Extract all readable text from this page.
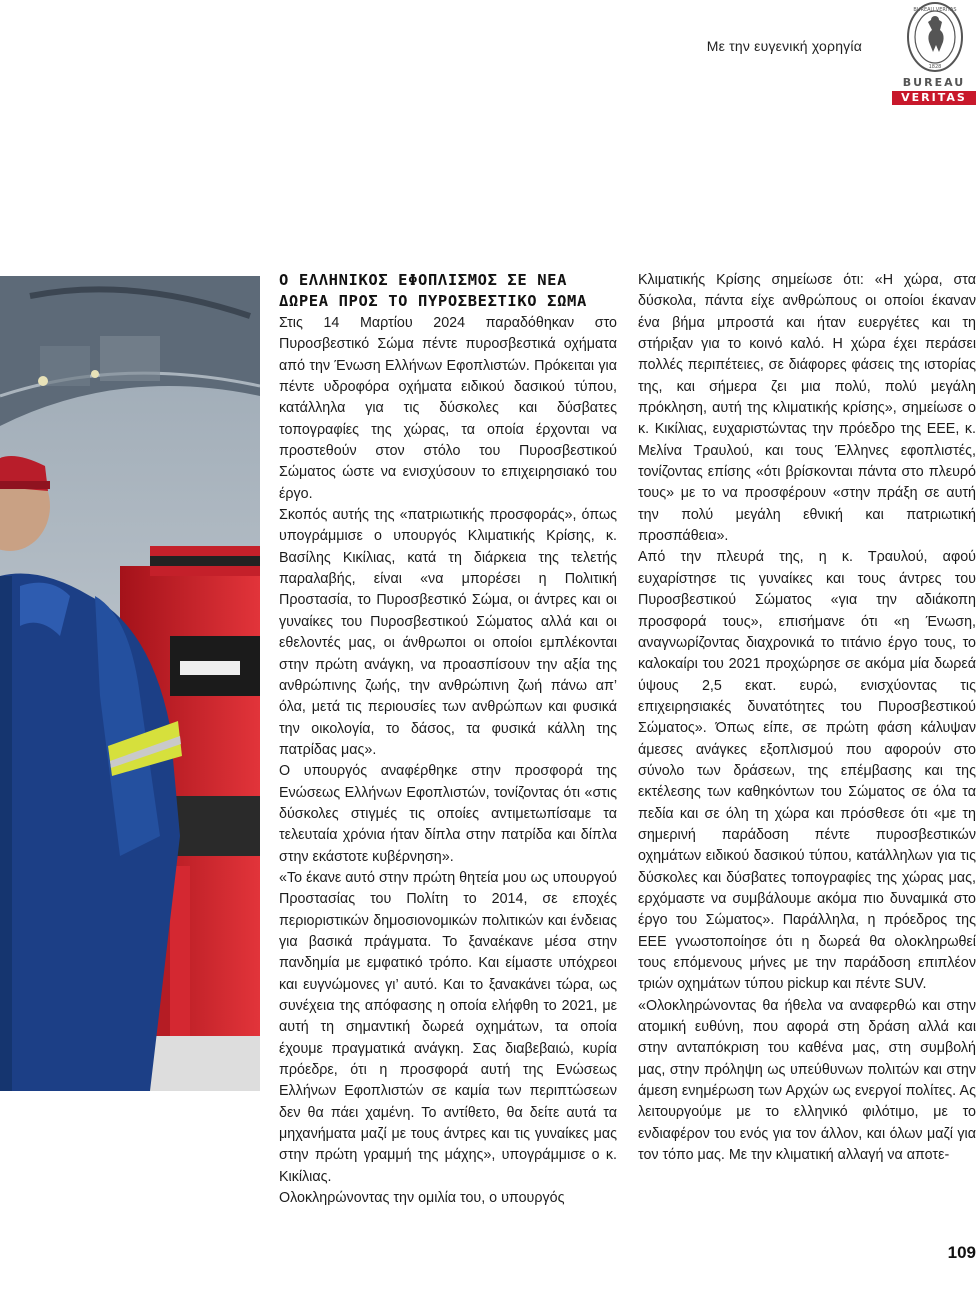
Με την ευγενική χορηγία
BUREAU VERITAS
1828
BUREAU
VERITAS
Ο ΕΛΛΗΝΙΚΟΣ ΕΦΟΠΛΙΣΜΟΣ ΣΕ ΝΕΑ ΔΩΡΕΑ ΠΡΟΣ ΤΟ ΠΥΡΟΣΒΕΣΤΙΚΟ ΣΩΜΑ

Στις 14 Μαρτίου 2024 παραδόθηκαν στο Πυροσβεστικό Σώμα πέντε πυροσβεστικά οχήματα από την Ένωση Ελλήνων Εφοπλιστών. Πρόκειται για πέντε υδροφόρα οχήματα ειδικού δασικού τύπου, κατάλληλα για τις δύσκολες και δύσβατες τοπογραφίες της χώρας, τα οποία έρχονται να προστεθούν στον στόλο του Πυροσβεστικού Σώματος ώστε να ενισχύσουν το επιχειρησιακό του έργο.

Σκοπός αυτής της «πατριωτικής προσφοράς», όπως υπογράμμισε ο υπουργός Κλιματικής Κρίσης, κ. Βασίλης Κικίλιας, κατά τη διάρκεια της τελετής παραλαβής, είναι «να μπορέσει η Πολιτική Προστασία, το Πυροσβεστικό Σώμα, οι άντρες και οι γυναίκες του Πυροσβεστικού Σώματος αλλά και οι εθελοντές μας, οι άνθρωποι οι οποίοι εμπλέκονται στην πρώτη ανάγκη, να προασπίσουν την αξία της ανθρώπινης ζωής, την ανθρώπινη ζωή πάνω απ’ όλα, μετά τις περιουσίες των ανθρώπων και φυσικά την οικολογία, το δάσος, τα φυσικά κάλλη της πατρίδας μας».

Ο υπουργός αναφέρθηκε στην προσφορά της Ενώσεως Ελλήνων Εφοπλιστών, τονίζοντας ότι «στις δύσκολες στιγμές τις οποίες αντιμετωπίσαμε τα τελευταία χρόνια ήταν δίπλα στην πατρίδα και δίπλα στην εκάστοτε κυβέρνηση».

«Το έκανε αυτό στην πρώτη θητεία μου ως υπουργού Προστασίας του Πολίτη το 2014, σε εποχές περιοριστικών δημοσιονομικών πολιτικών και ένδειας για βασικά πράγματα. Το ξαναέκανε μέσα στην πανδημία με εμφατικό τρόπο. Και είμαστε υπόχρεοι και ευγνώμονες γι’ αυτό. Και το ξανακάνει τώρα, ως συνέχεια της απόφασης η οποία ελήφθη το 2021, με αυτή τη σημαντική δωρεά οχημάτων, τα οποία έχουμε πραγματικά ανάγκη. Σας διαβεβαιώ, κυρία πρόεδρε, ότι η προσφορά αυτή της Ενώσεως Ελλήνων Εφοπλιστών σε καμία των περιπτώσεων δεν θα πάει χαμένη. Το αντίθετο, θα δείτε αυτά τα μηχανήματα μαζί με τους άντρες και τις γυναίκες μας στην πρώτη γραμμή της μάχης», υπογράμμισε ο κ. Κικίλιας.

Ολοκληρώνοντας την ομιλία του, ο υπουργός

Κλιματικής Κρίσης σημείωσε ότι: «Η χώρα, στα δύσκολα, πάντα είχε ανθρώπους οι οποίοι έκαναν ένα βήμα μπροστά και ήταν ευεργέτες και τη στήριξαν για το κοινό καλό. Η χώρα έχει περάσει πολλές περιπέτειες, σε διάφορες φάσεις της ιστορίας της, και σήμερα ζει μια πολύ, πολύ μεγάλη πρόκληση, αυτή της κλιματικής κρίσης», σημείωσε ο κ. Κικίλιας, ευχαριστώντας την πρόεδρο της ΕΕΕ, κ. Μελίνα Τραυλού, και τους Έλληνες εφοπλιστές, τονίζοντας επίσης «ότι βρίσκονται πάντα στο πλευρό τους» με το να προσφέρουν «στην πράξη σε αυτή την πολύ μεγάλη εθνική και πατριωτική προσπάθεια».

Από την πλευρά της, η κ. Τραυλού, αφού ευχαρίστησε τις γυναίκες και τους άντρες του Πυροσβεστικού Σώματος «για την αδιάκοπη προσφορά τους», επισήμανε ότι «η Ένωση, αναγνωρίζοντας διαχρονικά το τιτάνιο έργο τους, το καλοκαίρι του 2021 προχώρησε σε ακόμα μία δωρεά ύψους 2,5 εκατ. ευρώ, ενισχύοντας τις επιχειρησιακές δυνατότητες του Πυροσβεστικού Σώματος». Όπως είπε, σε πρώτη φάση κάλυψαν άμεσες ανάγκες εξοπλισμού που αφορούν στο σύνολο των δράσεων, της επέμβασης και της εκτέλεσης των καθηκόντων του Σώματος σε όλα τα πεδία και σε όλη τη χώρα και πρόσθεσε ότι «με τη σημερινή παράδοση πέντε πυροσβεστικών οχημάτων ειδικού δασικού τύπου, κατάλληλων για τις δύσκολες και δύσβατες τοπογραφίες της χώρας μας, ερχόμαστε να συμβάλουμε ακόμα πιο δυναμικά στο έργο του Σώματος». Παράλληλα, η πρόεδρος της ΕΕΕ γνωστοποίησε ότι η δωρεά θα ολοκληρωθεί τους επόμενους μήνες με την παράδοση επιπλέον τριών οχημάτων τύπου pickup και πέντε SUV.

«Ολοκληρώνοντας θα ήθελα να αναφερθώ και στην ατομική ευθύνη, που αφορά στη δράση αλλά και στην ανταπόκριση του καθένα μας, στη συμβολή μας, στην πρόληψη ως υπεύθυνων πολιτών και στην άμεση ενημέρωση των Αρχών ως ενεργοί πολίτες. Ας λειτουργούμε με το ελληνικό φιλότιμο, με το ενδιαφέρον του ενός για τον άλλον, και όλων μαζί για τον τόπο μας. Με την κλιματική αλλαγή να αποτε-

109
